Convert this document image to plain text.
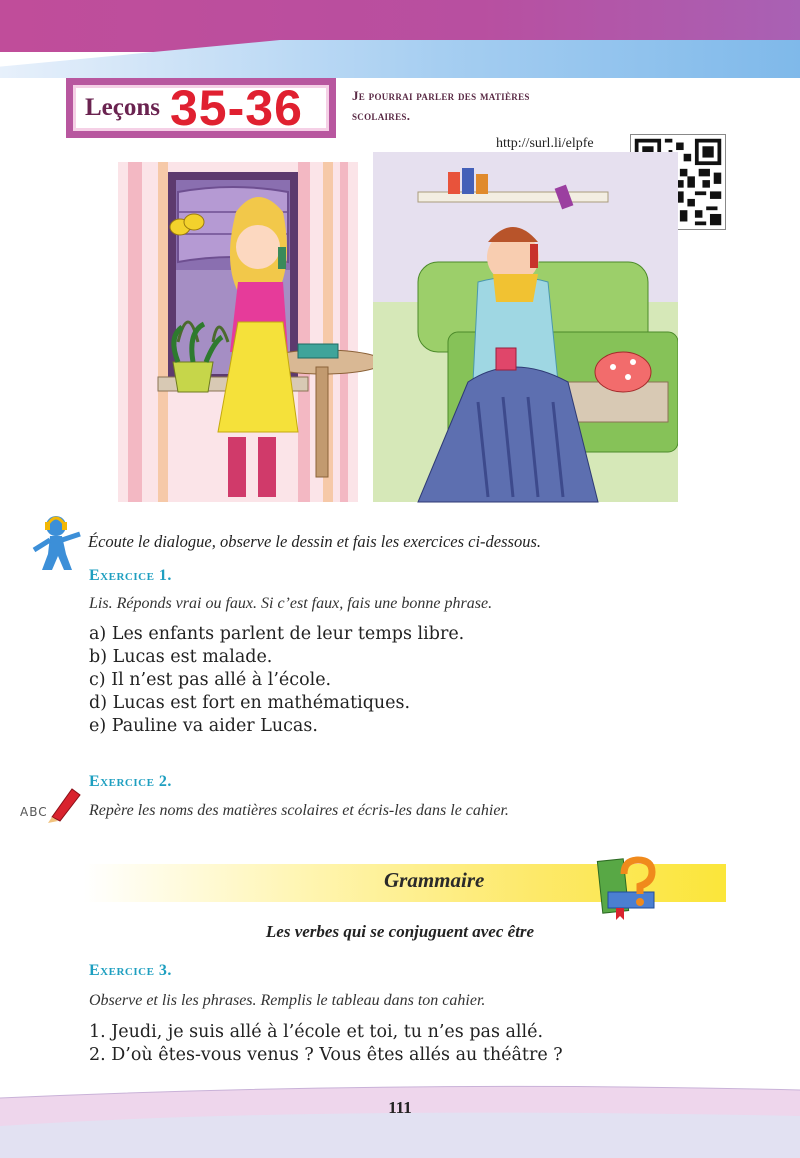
Leçons 35-36	Je pourrai parler des matières
scolaires.
http://surl.li/elpfe
Écoute le dialogue, observe le dessin et fais les exercices ci-dessous.
Exercice 1.
Lis. Réponds vrai ou faux. Si c’est faux, fais une bonne phrase.
a) Les enfants parlent de leur temps libre.
b) Lucas est malade.
c) Il n’est pas allé à l’école.
d) Lucas est fort en mathématiques.
e) Pauline va aider Lucas.
Exercice 2.
ABC	Repère les noms des matières scolaires et écris-les dans le cahier.
Grammaire
Les verbes qui se conjuguent avec être
Exercice 3.
Observe et lis les phrases. Remplis le tableau dans ton cahier.
1. Jeudi, je suis allé à l’école et toi, tu n’es pas allé.
2. D’où êtes-vous venus ? Vous êtes allés au théâtre ?
111
